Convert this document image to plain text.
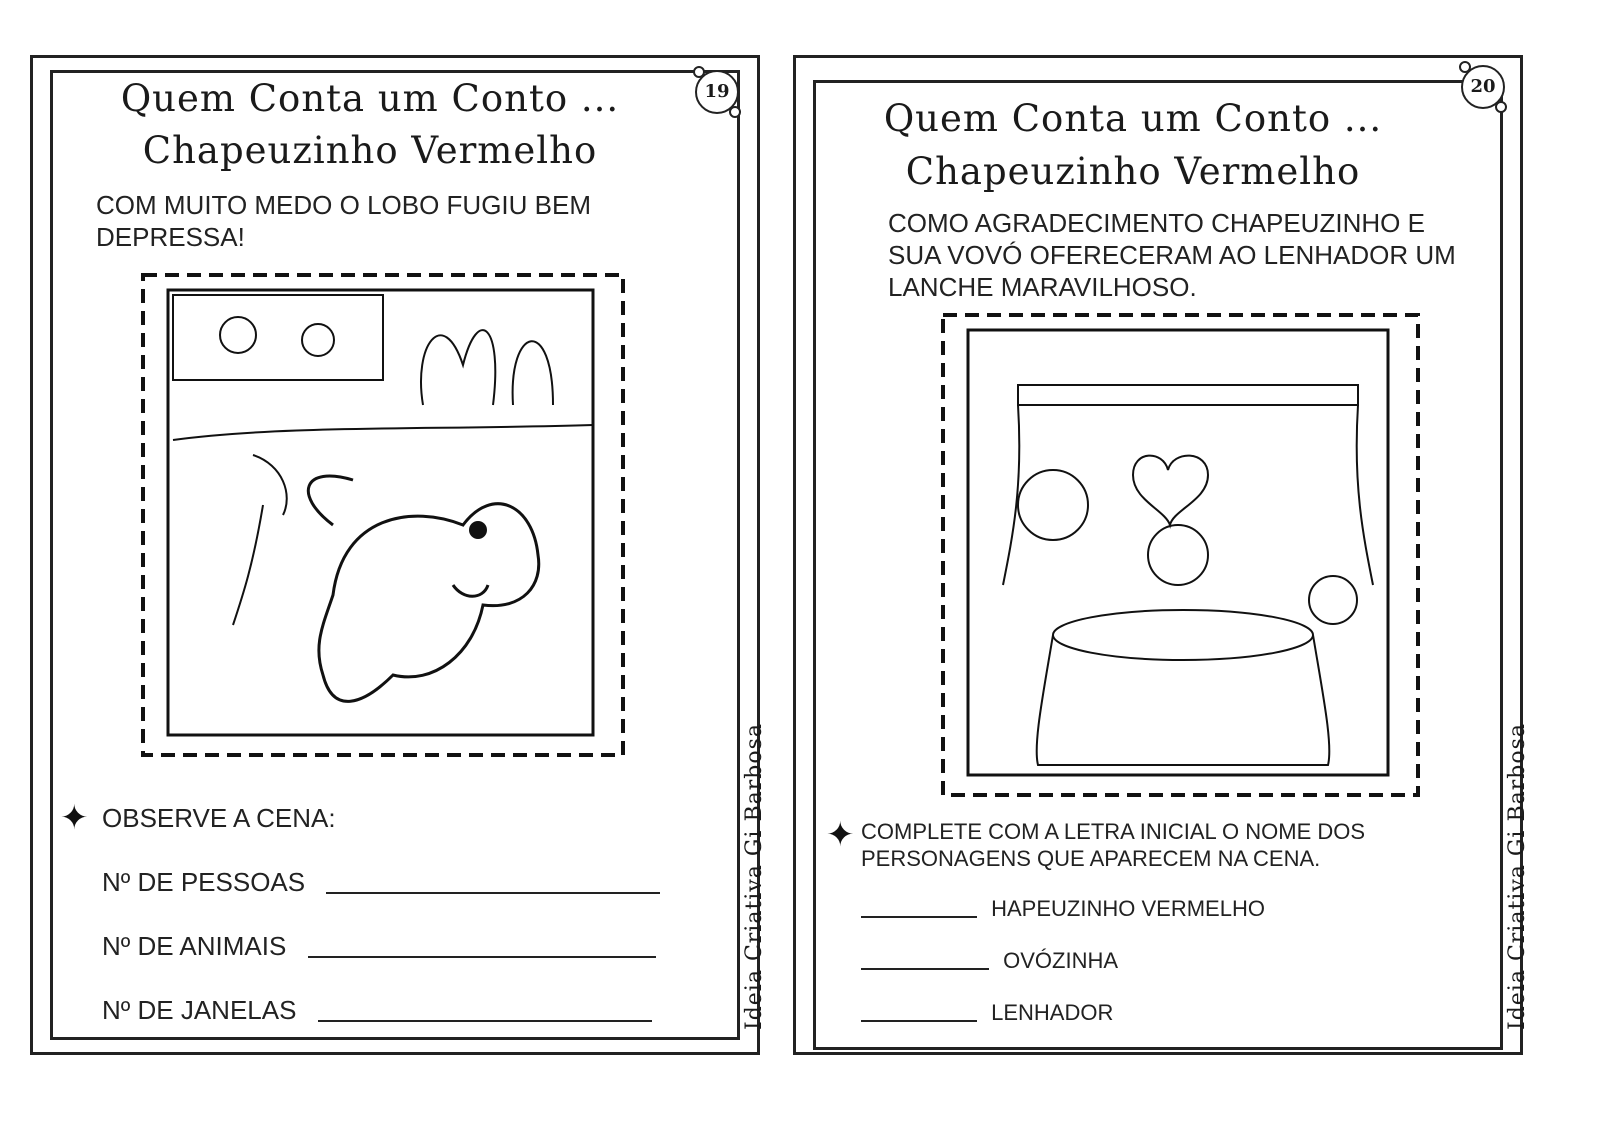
Quem Conta um Conto ...
Chapeuzinho Vermelho
19
COM MUITO MEDO O LOBO FUGIU BEM DEPRESSA!
✦ OBSERVE A CENA:
Nº DE PESSOAS
Nº DE ANIMAIS
Nº DE JANELAS	Ideia Criativa Gi Barbosa
Quem Conta um Conto ...
Chapeuzinho Vermelho
20
COMO AGRADECIMENTO CHAPEUZINHO E SUA VOVÓ OFERECERAM AO LENHADOR UM LANCHE MARAVILHOSO.
✦ COMPLETE COM A LETRA INICIAL O NOME DOS PERSONAGENS QUE APARECEM NA CENA.
HAPEUZINHO VERMELHO
OVÓZINHA
LENHADOR	Ideia Criativa Gi Barbosa
